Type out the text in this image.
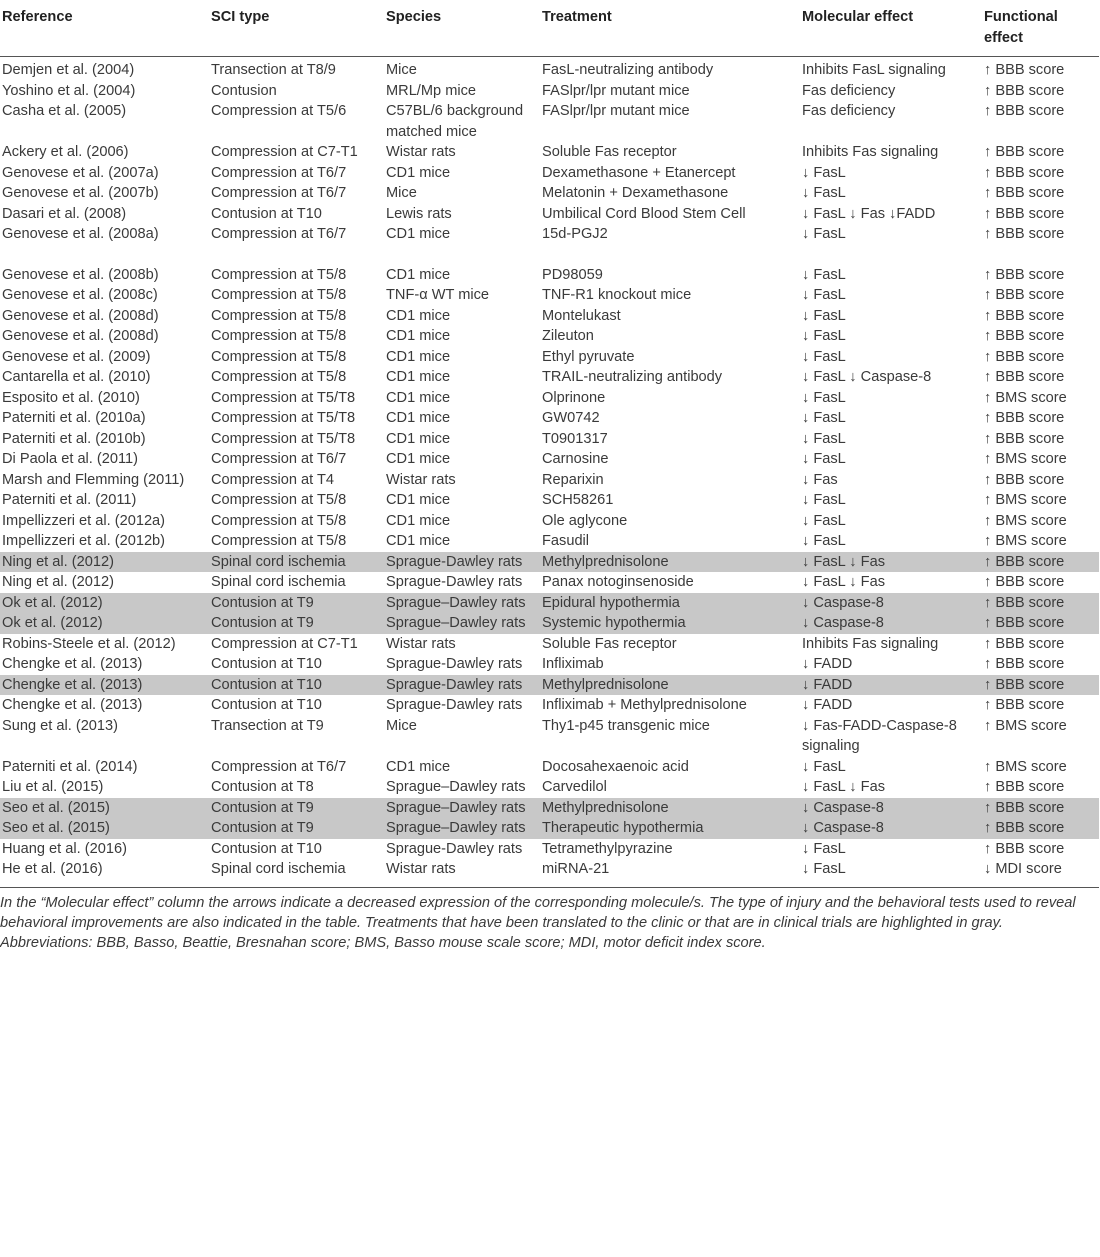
Reference	SCI type	Species	Treatment	Molecular effect	Functional effect
Demjen et al. (2004)	Transection at T8/9	Mice	FasL-neutralizing antibody	Inhibits FasL signaling	↑ BBB score
Yoshino et al. (2004)	Contusion	MRL/Mp mice	FASlpr/lpr mutant mice	Fas deficiency	↑ BBB score
Casha et al. (2005)	Compression at T5/6	C57BL/6 background matched mice	FASlpr/lpr mutant mice	Fas deficiency	↑ BBB score
Ackery et al. (2006)	Compression at C7-T1	Wistar rats	Soluble Fas receptor	Inhibits Fas signaling	↑ BBB score
Genovese et al. (2007a)	Compression at T6/7	CD1 mice	Dexamethasone + Etanercept	↓ FasL	↑ BBB score
Genovese et al. (2007b)	Compression at T6/7	Mice	Melatonin + Dexamethasone	↓ FasL	↑ BBB score
Dasari et al. (2008)	Contusion at T10	Lewis rats	Umbilical Cord Blood Stem Cell	↓ FasL ↓ Fas ↓FADD	↑ BBB score
Genovese et al. (2008a)	Compression at T6/7	CD1 mice	15d-PGJ2	↓ FasL	↑ BBB score
Genovese et al. (2008b)	Compression at T5/8	CD1 mice	PD98059	↓ FasL	↑ BBB score
Genovese et al. (2008c)	Compression at T5/8	TNF-α WT mice	TNF-R1 knockout mice	↓ FasL	↑ BBB score
Genovese et al. (2008d)	Compression at T5/8	CD1 mice	Montelukast	↓ FasL	↑ BBB score
Genovese et al. (2008d)	Compression at T5/8	CD1 mice	Zileuton	↓ FasL	↑ BBB score
Genovese et al. (2009)	Compression at T5/8	CD1 mice	Ethyl pyruvate	↓ FasL	↑ BBB score
Cantarella et al. (2010)	Compression at T5/8	CD1 mice	TRAIL-neutralizing antibody	↓ FasL ↓ Caspase-8	↑ BBB score
Esposito et al. (2010)	Compression at T5/T8	CD1 mice	Olprinone	↓ FasL	↑ BMS score
Paterniti et al. (2010a)	Compression at T5/T8	CD1 mice	GW0742	↓ FasL	↑ BBB score
Paterniti et al. (2010b)	Compression at T5/T8	CD1 mice	T0901317	↓ FasL	↑ BBB score
Di Paola et al. (2011)	Compression at T6/7	CD1 mice	Carnosine	↓ FasL	↑ BMS score
Marsh and Flemming (2011)	Compression at T4	Wistar rats	Reparixin	↓ Fas	↑ BBB score
Paterniti et al. (2011)	Compression at T5/8	CD1 mice	SCH58261	↓ FasL	↑ BMS score
Impellizzeri et al. (2012a)	Compression at T5/8	CD1 mice	Ole aglycone	↓ FasL	↑ BMS score
Impellizzeri et al. (2012b)	Compression at T5/8	CD1 mice	Fasudil	↓ FasL	↑ BMS score
Ning et al. (2012)	Spinal cord ischemia	Sprague-Dawley rats	Methylprednisolone	↓ FasL ↓ Fas	↑ BBB score
Ning et al. (2012)	Spinal cord ischemia	Sprague-Dawley rats	Panax notoginsenoside	↓ FasL ↓ Fas	↑ BBB score
Ok et al. (2012)	Contusion at T9	Sprague–Dawley rats	Epidural hypothermia	↓ Caspase-8	↑ BBB score
Ok et al. (2012)	Contusion at T9	Sprague–Dawley rats	Systemic hypothermia	↓ Caspase-8	↑ BBB score
Robins-Steele et al. (2012)	Compression at C7-T1	Wistar rats	Soluble Fas receptor	Inhibits Fas signaling	↑ BBB score
Chengke et al. (2013)	Contusion at T10	Sprague-Dawley rats	Infliximab	↓ FADD	↑ BBB score
Chengke et al. (2013)	Contusion at T10	Sprague-Dawley rats	Methylprednisolone	↓ FADD	↑ BBB score
Chengke et al. (2013)	Contusion at T10	Sprague-Dawley rats	Infliximab + Methylprednisolone	↓ FADD	↑ BBB score
Sung et al. (2013)	Transection at T9	Mice	Thy1-p45 transgenic mice	↓ Fas-FADD-Caspase-8 signaling	↑ BMS score
Paterniti et al. (2014)	Compression at T6/7	CD1 mice	Docosahexaenoic acid	↓ FasL	↑ BMS score
Liu et al. (2015)	Contusion at T8	Sprague–Dawley rats	Carvedilol	↓ FasL ↓ Fas	↑ BBB score
Seo et al. (2015)	Contusion at T9	Sprague–Dawley rats	Methylprednisolone	↓ Caspase-8	↑ BBB score
Seo et al. (2015)	Contusion at T9	Sprague–Dawley rats	Therapeutic hypothermia	↓ Caspase-8	↑ BBB score
Huang et al. (2016)	Contusion at T10	Sprague-Dawley rats	Tetramethylpyrazine	↓ FasL	↑ BBB score
He et al. (2016)	Spinal cord ischemia	Wistar rats	miRNA-21	↓ FasL	↓ MDI score
In the “Molecular effect” column the arrows indicate a decreased expression of the corresponding molecule/s. The type of injury and the behavioral tests used to reveal behavioral improvements are also indicated in the table. Treatments that have been translated to the clinic or that are in clinical trials are highlighted in gray. Abbreviations: BBB, Basso, Beattie, Bresnahan score; BMS, Basso mouse scale score; MDI, motor deficit index score.
